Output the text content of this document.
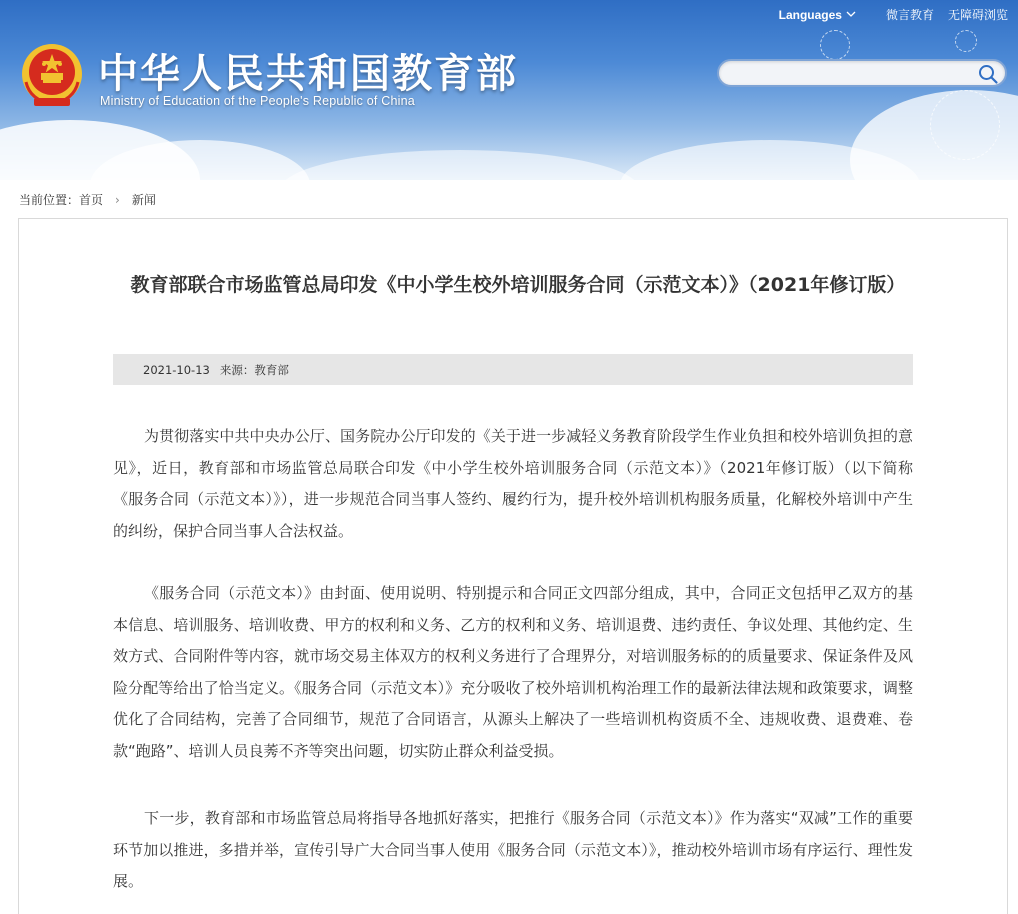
中华人民共和国教育部
Ministry of Education of the People's Republic of China
Languages	微言教育 无障碍浏览
当前位置： 首页 › 新闻
教育部联合市场监管总局印发《中小学生校外培训服务合同（示范文本）》（2021年修订版）
2021-10-13 来源：教育部

为贯彻落实中共中央办公厅、国务院办公厅印发的《关于进一步减轻义务教育阶段学生作业负担和校外培训负担的意见》，近日，教育部和市场监管总局联合印发《中小学生校外培训服务合同（示范文本）》（2021年修订版）（以下简称《服务合同（示范文本）》），进一步规范合同当事人签约、履约行为，提升校外培训机构服务质量，化解校外培训中产生的纠纷，保护合同当事人合法权益。

《服务合同（示范文本）》由封面、使用说明、特别提示和合同正文四部分组成，其中，合同正文包括甲乙双方的基本信息、培训服务、培训收费、甲方的权利和义务、乙方的权利和义务、培训退费、违约责任、争议处理、其他约定、生效方式、合同附件等内容，就市场交易主体双方的权利义务进行了合理界分，对培训服务标的的质量要求、保证条件及风险分配等给出了恰当定义。《服务合同（示范文本）》充分吸收了校外培训机构治理工作的最新法律法规和政策要求，调整优化了合同结构，完善了合同细节，规范了合同语言，从源头上解决了一些培训机构资质不全、违规收费、退费难、卷款“跑路”、培训人员良莠不齐等突出问题，切实防止群众利益受损。

下一步，教育部和市场监管总局将指导各地抓好落实，把推行《服务合同（示范文本）》作为落实“双减”工作的重要环节加以推进，多措并举，宣传引导广大合同当事人使用《服务合同（示范文本）》，推动校外培训市场有序运行、理性发展。
